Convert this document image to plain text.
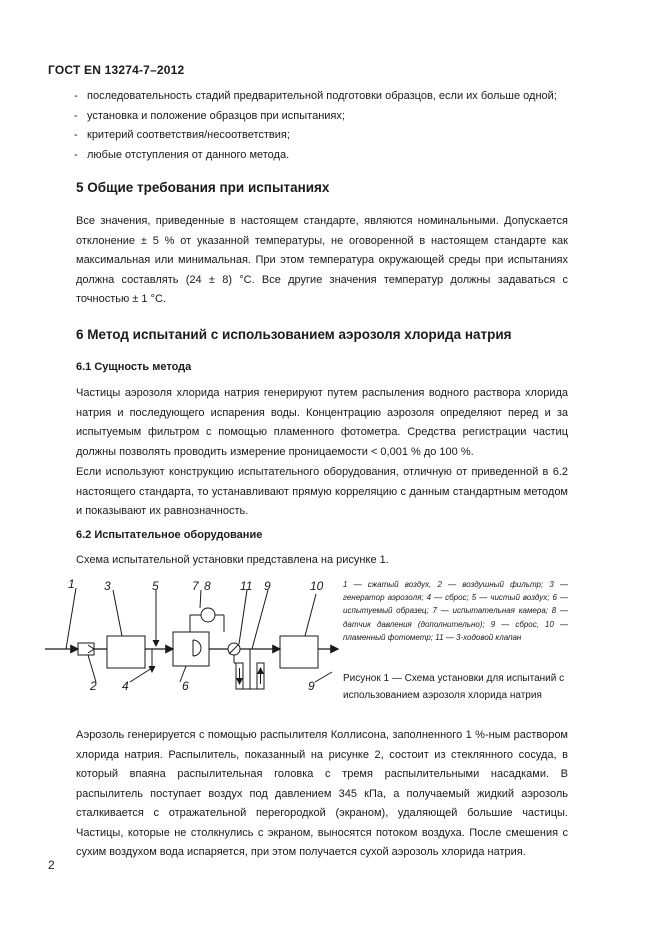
ГОСТ EN 13274-7–2012
- последовательность стадий предварительной подготовки образцов, если их больше одной;
- установка и положение образцов при испытаниях;
- критерий соответствия/несоответствия;
- любые отступления от данного метода.
5 Общие требования при испытаниях
Все значения, приведенные в настоящем стандарте, являются номинальными. Допускается отклонение ± 5 % от указанной температуры, не оговоренной в настоящем стандарте как максимальная или минимальная. При этом температура окружающей среды при испытаниях должна составлять (24 ± 8) °С. Все другие значения температур должны задаваться с точностью ± 1 °С.
6 Метод испытаний с использованием аэрозоля хлорида натрия
6.1 Сущность метода
Частицы аэрозоля хлорида натрия генерируют путем распыления водного раствора хлорида натрия и последующего испарения воды. Концентрацию аэрозоля определяют перед и за испытуемым фильтром с помощью пламенного фотометра. Средства регистрации частиц должны позволять проводить измерение проницаемости < 0,001 % до 100 %.
Если используют конструкцию испытательного оборудования, отличную от приведенной в 6.2 настоящего стандарта, то устанавливают прямую корреляцию с данным стандартным методом и показывают их равнозначность.
6.2 Испытательное оборудование
Схема испытательной установки представлена на рисунке 1.
1
2
3
4
5
6
7 8	9	10
11
9
1 — сжатый воздух, 2 — воздушный фильтр; 3 — генератор аэрозоля; 4 — сброс; 5 — чистый воздух; 6 — испытуемый образец; 7 — испытательная камера; 8 — датчик давления (дополнительно); 9 — сброс, 10 — пламенный фотометр; 11 — 3-ходовой клапан
Рисунок 1 — Схема установки для испытаний с использованием аэрозоля хлорида натрия
Аэрозоль генерируется с помощью распылителя Коллисона, заполненного 1 %-ным раствором хлорида натрия. Распылитель, показанный на рисунке 2, состоит из стеклянного сосуда, в который впаяна распылительная головка с тремя распылительными насадками. В распылитель поступает воздух под давлением 345 кПа, а получаемый жидкий аэрозоль сталкивается с отражательной перегородкой (экраном), удаляющей большие частицы. Частицы, которые не столкнулись с экраном, выносятся потоком воздуха. После смешения с сухим воздухом вода испаряется, при этом получается сухой аэрозоль хлорида натрия.
2
